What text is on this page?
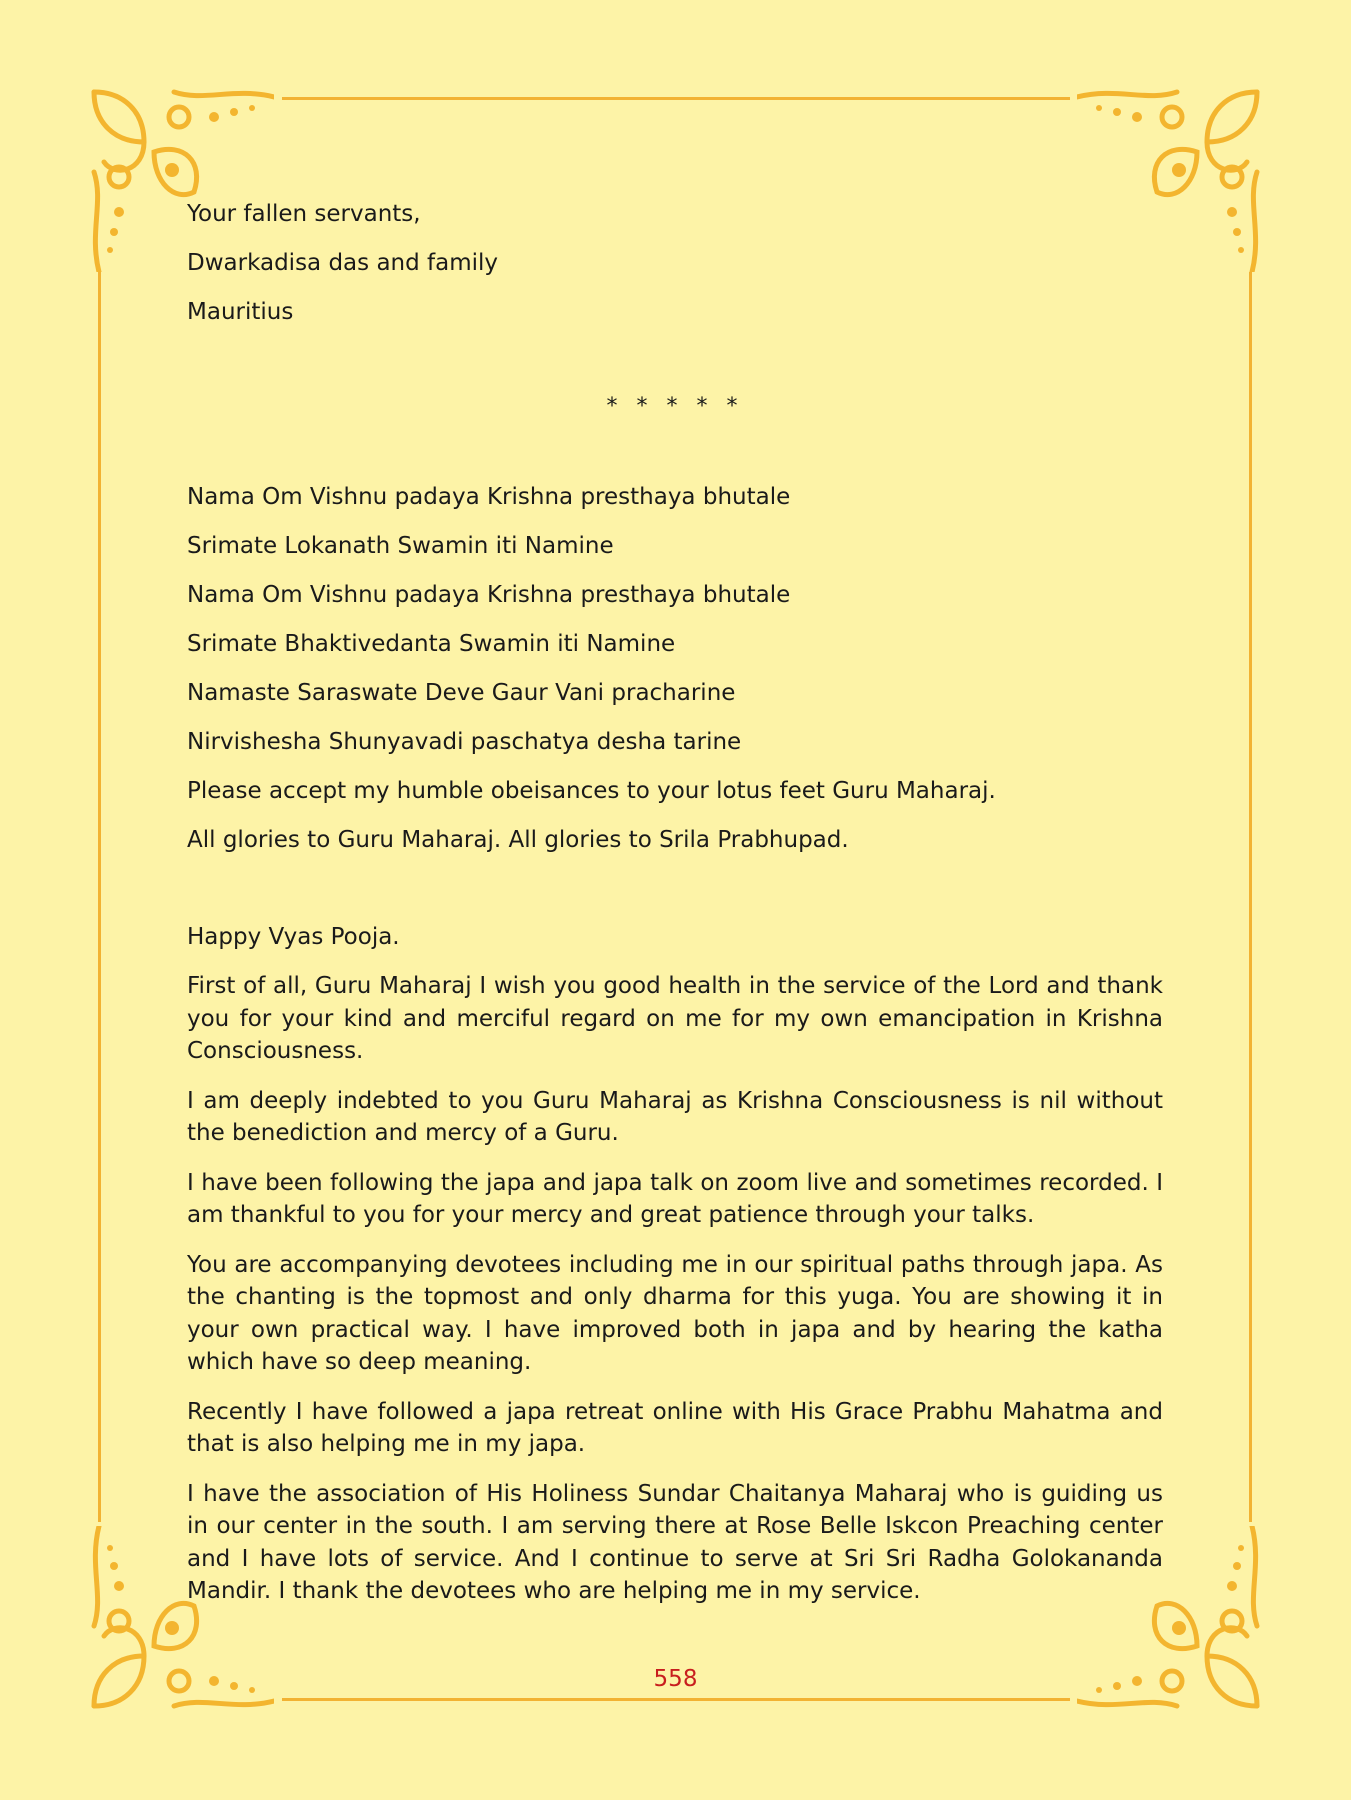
Your fallen servants,

Dwarkadisa das and family

Mauritius

* * * * *

Nama Om Vishnu padaya Krishna presthaya bhutale

Srimate Lokanath Swamin iti Namine

Nama Om Vishnu padaya Krishna presthaya bhutale

Srimate Bhaktivedanta Swamin iti Namine

Namaste Saraswate Deve Gaur Vani pracharine

Nirvishesha Shunyavadi paschatya desha tarine

Please accept my humble obeisances to your lotus feet Guru Maharaj.

All glories to Guru Maharaj. All glories to Srila Prabhupad.

Happy Vyas Pooja.

First of all, Guru Maharaj I wish you good health in the service of the Lord and thank you for your kind and merciful regard on me for my own emancipation in Krishna Consciousness.

I am deeply indebted to you Guru Maharaj as Krishna Consciousness is nil without the benediction and mercy of a Guru.

I have been following the japa and japa talk on zoom live and sometimes recorded. I am thankful to you for your mercy and great patience through your talks.

You are accompanying devotees including me in our spiritual paths through japa. As the chanting is the topmost and only dharma for this yuga. You are showing it in your own practical way. I have improved both in japa and by hearing the katha which have so deep meaning.

Recently I have followed a japa retreat online with His Grace Prabhu Mahatma and that is also helping me in my japa.

I have the association of His Holiness Sundar Chaitanya Maharaj who is guiding us in our center in the south. I am serving there at Rose Belle Iskcon Preaching center and I have lots of service. And I continue to serve at Sri Sri Radha Golokananda Mandir. I thank the devotees who are helping me in my service.

558
